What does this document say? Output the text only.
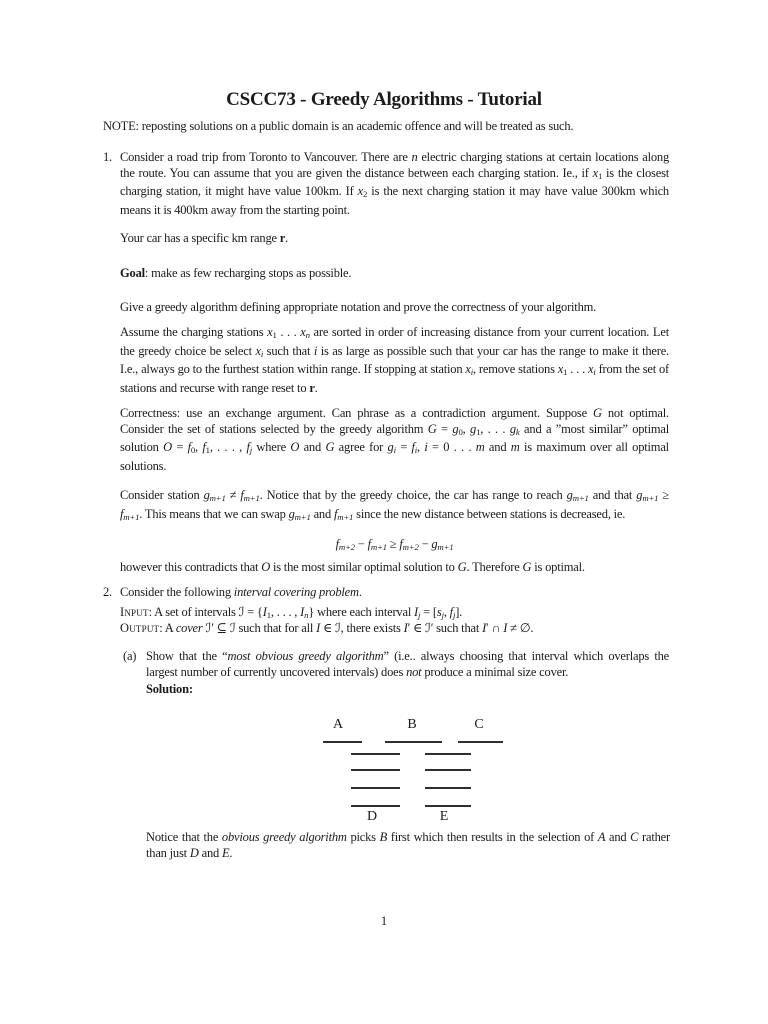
CSCC73 - Greedy Algorithms - Tutorial
NOTE: reposting solutions on a public domain is an academic offence and will be treated as such.
1. Consider a road trip from Toronto to Vancouver. There are n electric charging stations at certain locations along the route. You can assume that you are given the distance between each charging station. Ie., if $x_1$ is the closest charging station, it might have value 100km. If $x_2$ is the next charging station it may have value 300km which means it is 400km away from the starting point.
Your car has a specific km range r.
Goal: make as few recharging stops as possible.
Give a greedy algorithm defining appropriate notation and prove the correctness of your algorithm.
Assume the charging stations $x_1$ . . . xn are sorted in order of increasing distance from your current location. Let the greedy choice be select xi such that i is as large as possible such that your car has the range to make it there. I.e., always go to the furthest station within range. If stopping at station xi, remove stations $x_1$ . . . xi from the set of stations and recurse with range reset to r.
Correctness: use an exchange argument. Can phrase as a contradiction argument. Suppose G not optimal. Consider the set of stations selected by the greedy algorithm $G = g_0$, $g_1$, . . . gk and a ”most similar” optimal solution $O = f_0$, $f_1$, . . . , fj where O and G agree for gi = fi, i = 0 . . . m and m is maximum over all optimal solutions.
Consider station gm+1 ≠ fm+1. Notice that by the greedy choice, the car has range to reach gm+1 and that gm+1 ≥ fm+1. This means that we can swap gm+1 and fm+1 since the new distance between stations is decreased, ie.
fm+2 − fm+1 ≥ fm+2 − gm+1
however this contradicts that O is the most similar optimal solution to G. Therefore G is optimal.
2. Consider the following interval covering problem.
Input: A set of intervals ℐ = {$I_1$, . . . , In} where each interval Ij = [sj, fj].
Output: A cover ℐ′ ⊆ ℐ such that for all I ∈ ℐ, there exists I′ ∈ ℐ′ such that I′ ∩ I ≠ ∅.
(a) Show that the “most obvious greedy algorithm” (i.e.. always choosing that interval which overlaps the largest number of currently uncovered intervals) does not produce a minimal size cover.
Solution:
A	B	C
D	E
Notice that the obvious greedy algorithm picks B first which then results in the selection of A and C rather than just D and E.
1
